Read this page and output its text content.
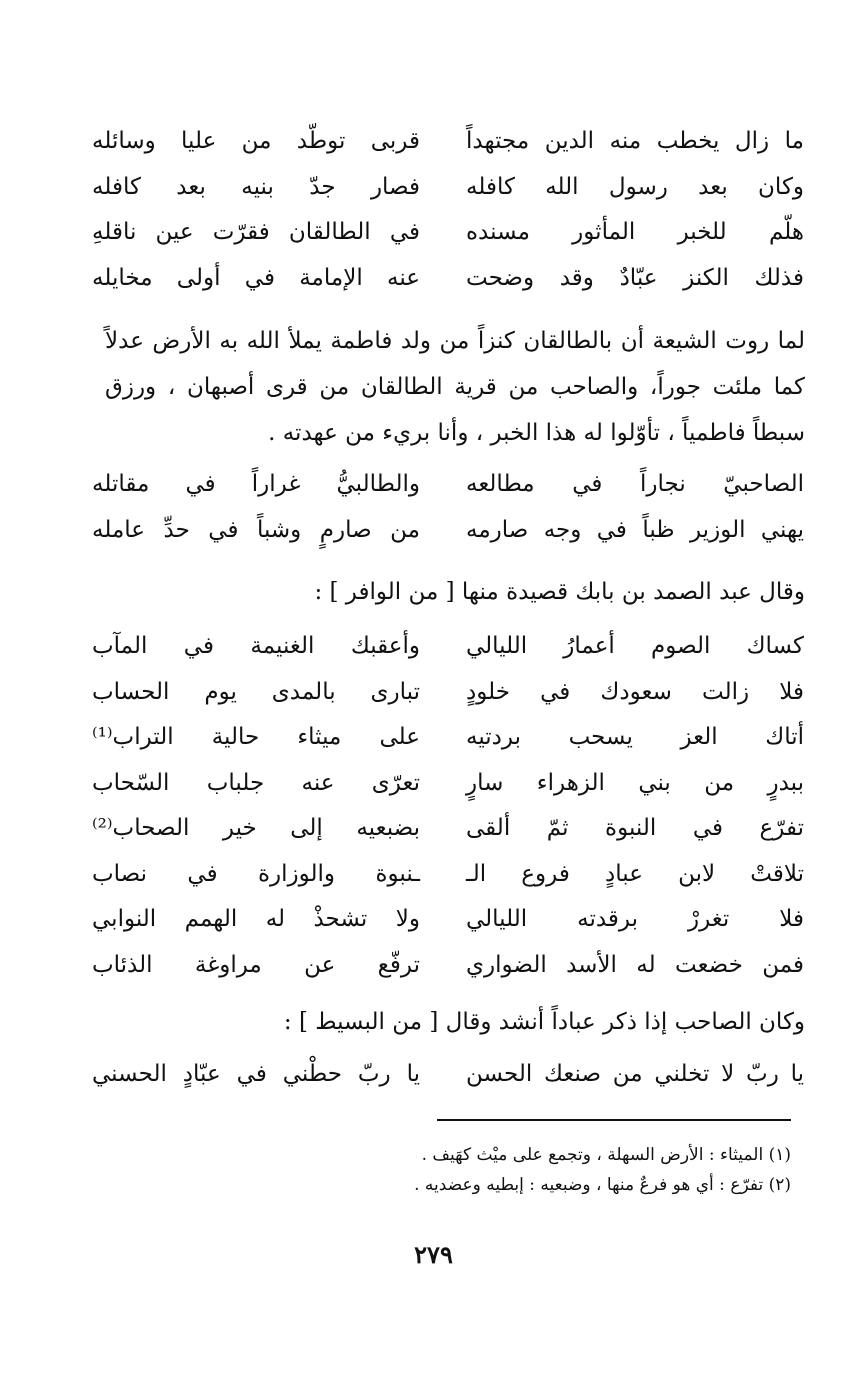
ما زال يخطب منه الدين مجتهداً
قربى توطّد من عليا وسائله
وكان بعد رسول الله كافله
فصار جدّ بنيه بعد كافله
هلّم للخبر المأثور مسنده
في الطالقان فقرّت عين ناقلهِ
فذلك الكنز عبّادٌ وقد وضحت
عنه الإمامة في أولى مخايله
لما روت الشيعة أن بالطالقان كنزاً من ولد فاطمة يملأ الله به الأرض عدلاً كما ملئت جوراً، والصاحب من قرية الطالقان من قرى أصبهان ، ورزق سبطاً فاطمياً ، تأوّلوا له هذا الخبر ، وأنا بريء من عهدته .
الصاحبيّ نجاراً في مطالعه
والطالبيُّ غراراً في مقاتله
يهني الوزير ظباً في وجه صارمه
من صارمٍ وشباً في حدِّ عامله
وقال عبد الصمد بن بابك قصيدة منها [ من الوافر ] :
كساك الصوم أعمارُ الليالي
وأعقبك الغنيمة في المآب
فلا زالت سعودك في خلودٍ
تبارى بالمدى يوم الحساب
أتاك العز يسحب بردتيه
على ميثاء حالية التراب⁽¹⁾
ببدرٍ من بني الزهراء سارٍ
تعرّى عنه جلباب السّحاب
تفرّع في النبوة ثمّ ألقى
بضبعيه إلى خير الصحاب⁽²⁾
تلاقتْ لابن عبادٍ فروع الـ
ـنبوة والوزارة في نصاب
فلا تغررْ برقدته الليالي
ولا تشحذْ له الهمم النوابي
فمن خضعت له الأسد الضواري
ترفّع عن مراوغة الذئاب
وكان الصاحب إذا ذكر عباداً أنشد وقال [ من البسيط ] :
يا ربّ لا تخلني من صنعك الحسن
يا ربّ حطْني في عبّادٍ الحسني
(١) الميثاء : الأرض السهلة ، وتجمع على ميْث كهَيف .
(٢) تفرّع : أي هو فرعٌ منها ، وضبعيه : إبطيه وعضديه .
٢٧٩
